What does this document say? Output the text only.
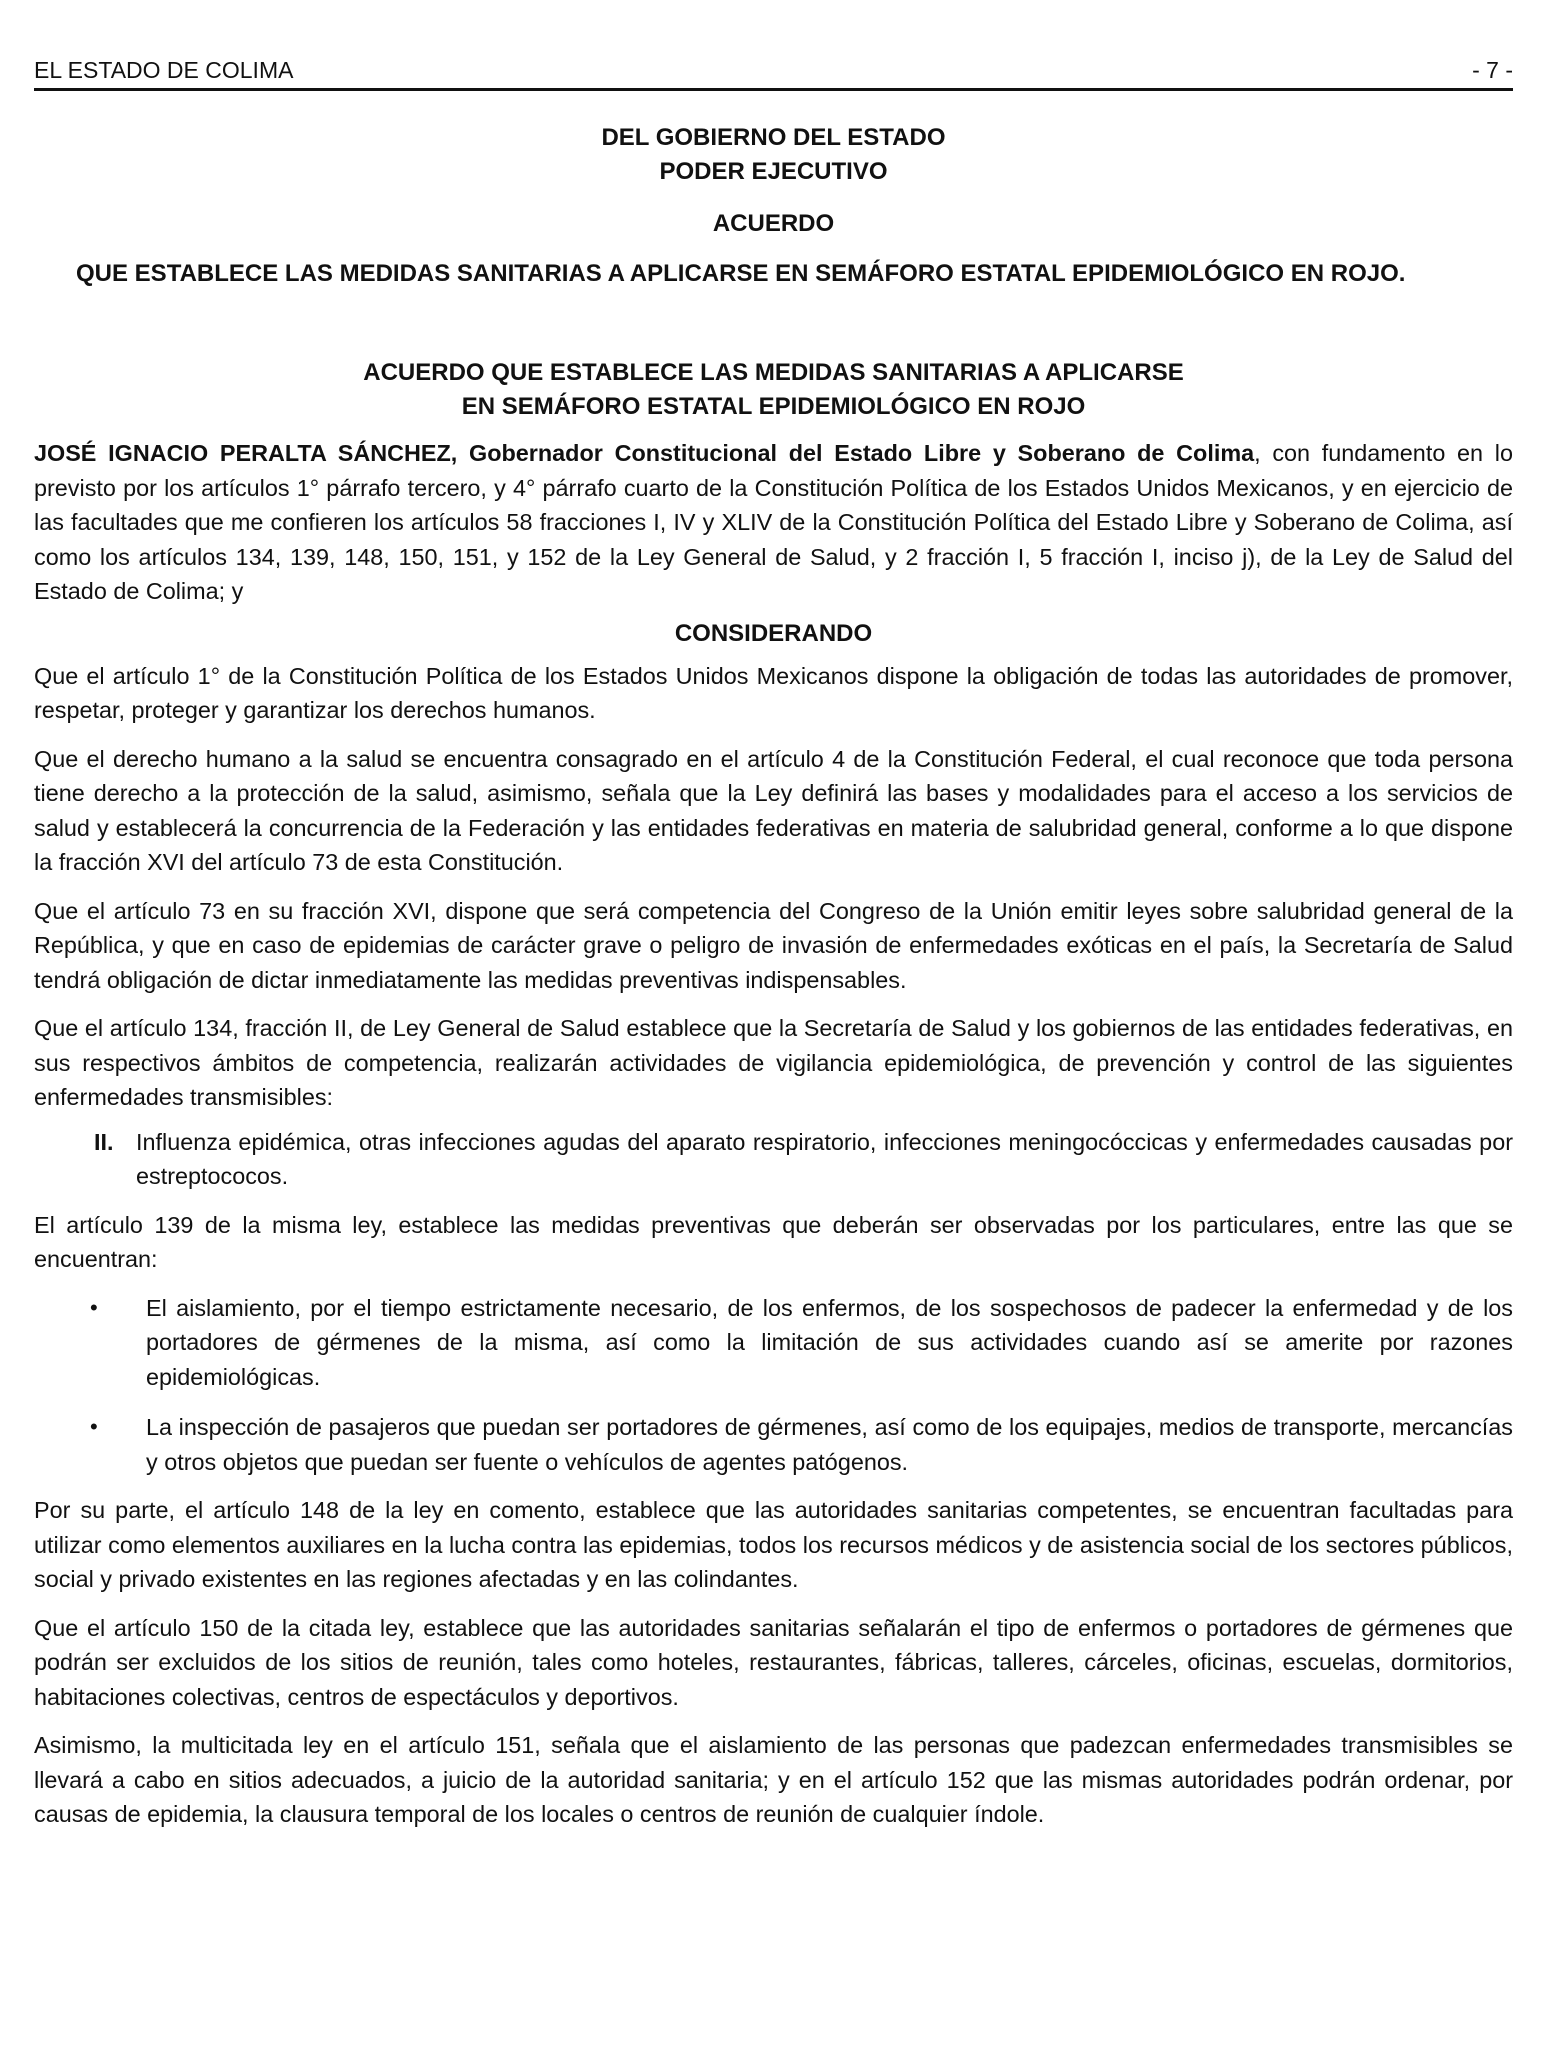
EL ESTADO DE COLIMA	- 7 -

DEL GOBIERNO DEL ESTADO

PODER EJECUTIVO

ACUERDO

QUE ESTABLECE LAS MEDIDAS SANITARIAS A APLICARSE EN SEMÁFORO ESTATAL EPIDEMIOLÓGICO EN ROJO.

ACUERDO QUE ESTABLECE LAS MEDIDAS SANITARIAS A APLICARSE

EN SEMÁFORO ESTATAL EPIDEMIOLÓGICO EN ROJO

JOSÉ IGNACIO PERALTA SÁNCHEZ, Gobernador Constitucional del Estado Libre y Soberano de Colima, con fundamento en lo previsto por los artículos 1° párrafo tercero, y 4° párrafo cuarto de la Constitución Política de los Estados Unidos Mexicanos, y en ejercicio de las facultades que me confieren los artículos 58 fracciones I, IV y XLIV de la Constitución Política del Estado Libre y Soberano de Colima, así como los artículos 134, 139, 148, 150, 151, y 152 de la Ley General de Salud, y 2 fracción I, 5 fracción I, inciso j), de la Ley de Salud del Estado de Colima; y

CONSIDERANDO

Que el artículo 1° de la Constitución Política de los Estados Unidos Mexicanos dispone la obligación de todas las autoridades de promover, respetar, proteger y garantizar los derechos humanos.

Que el derecho humano a la salud se encuentra consagrado en el artículo 4 de la Constitución Federal, el cual reconoce que toda persona tiene derecho a la protección de la salud, asimismo, señala que la Ley definirá las bases y modalidades para el acceso a los servicios de salud y establecerá la concurrencia de la Federación y las entidades federativas en materia de salubridad general, conforme a lo que dispone la fracción XVI del artículo 73 de esta Constitución.

Que el artículo 73 en su fracción XVI, dispone que será competencia del Congreso de la Unión emitir leyes sobre salubridad general de la República, y que en caso de epidemias de carácter grave o peligro de invasión de enfermedades exóticas en el país, la Secretaría de Salud tendrá obligación de dictar inmediatamente las medidas preventivas indispensables.

Que el artículo 134, fracción II, de Ley General de Salud establece que la Secretaría de Salud y los gobiernos de las entidades federativas, en sus respectivos ámbitos de competencia, realizarán actividades de vigilancia epidemiológica, de prevención y control de las siguientes enfermedades transmisibles:

II. Influenza epidémica, otras infecciones agudas del aparato respiratorio, infecciones meningocóccicas y enfermedades causadas por estreptococos.

El artículo 139 de la misma ley, establece las medidas preventivas que deberán ser observadas por los particulares, entre las que se encuentran:

•	El aislamiento, por el tiempo estrictamente necesario, de los enfermos, de los sospechosos de padecer la enfermedad y de los portadores de gérmenes de la misma, así como la limitación de sus actividades cuando así se amerite por razones epidemiológicas.
•	La inspección de pasajeros que puedan ser portadores de gérmenes, así como de los equipajes, medios de transporte, mercancías y otros objetos que puedan ser fuente o vehículos de agentes patógenos.

Por su parte, el artículo 148 de la ley en comento, establece que las autoridades sanitarias competentes, se encuentran facultadas para utilizar como elementos auxiliares en la lucha contra las epidemias, todos los recursos médicos y de asistencia social de los sectores públicos, social y privado existentes en las regiones afectadas y en las colindantes.

Que el artículo 150 de la citada ley, establece que las autoridades sanitarias señalarán el tipo de enfermos o portadores de gérmenes que podrán ser excluidos de los sitios de reunión, tales como hoteles, restaurantes, fábricas, talleres, cárceles, oficinas, escuelas, dormitorios, habitaciones colectivas, centros de espectáculos y deportivos.

Asimismo, la multicitada ley en el artículo 151, señala que el aislamiento de las personas que padezcan enfermedades transmisibles se llevará a cabo en sitios adecuados, a juicio de la autoridad sanitaria; y en el artículo 152 que las mismas autoridades podrán ordenar, por causas de epidemia, la clausura temporal de los locales o centros de reunión de cualquier índole.
